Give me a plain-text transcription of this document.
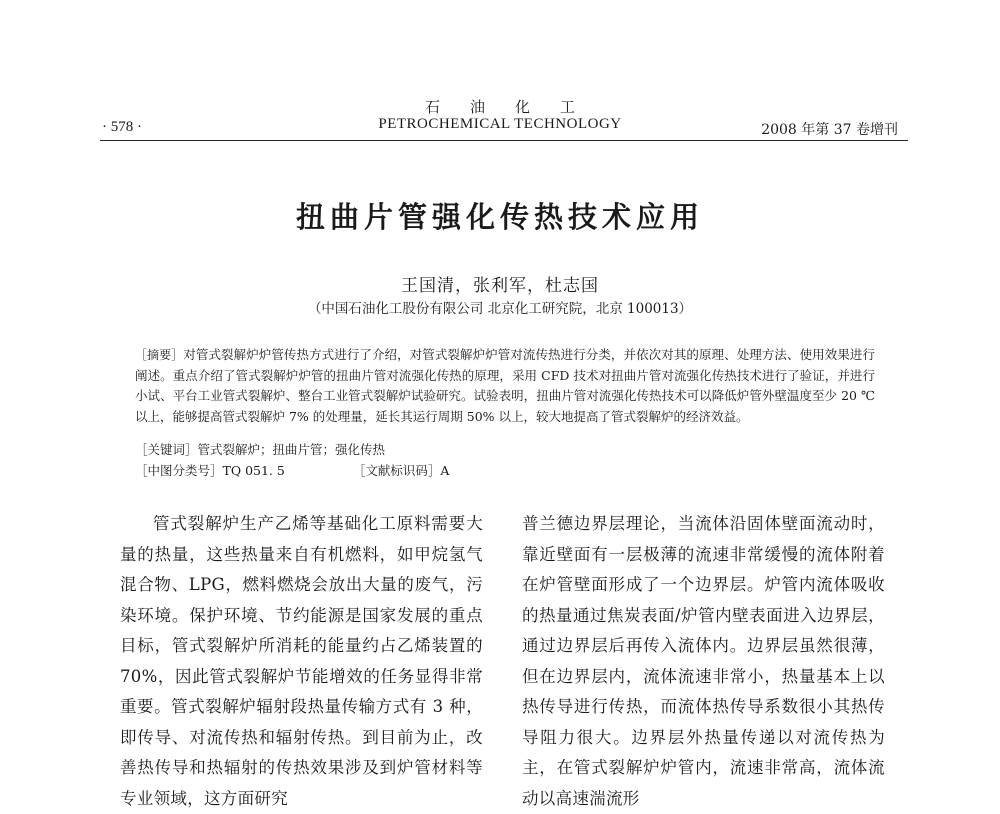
石油化工
· 578 ·	PETROCHEMICAL TECHNOLOGY	2008 年第 37 卷增刊
扭曲片管强化传热技术应用
王国清，张利军，杜志国
（中国石油化工股份有限公司 北京化工研究院，北京 100013）
［摘要］对管式裂解炉炉管传热方式进行了介绍，对管式裂解炉炉管对流传热进行分类，并依次对其的原理、处理方法、使用效果进行阐述。重点介绍了管式裂解炉炉管的扭曲片管对流强化传热的原理，采用 CFD 技术对扭曲片管对流强化传热技术进行了验证，并进行小试、平台工业管式裂解炉、整台工业管式裂解炉试验研究。试验表明，扭曲片管对流强化传热技术可以降低炉管外壁温度至少 20 ℃以上，能够提高管式裂解炉 7% 的处理量，延长其运行周期 50% 以上，较大地提高了管式裂解炉的经济效益。
［关键词］管式裂解炉；扭曲片管；强化传热
［中图分类号］TQ 051. 5	［文献标识码］A

管式裂解炉生产乙烯等基础化工原料需要大量的热量，这些热量来自有机燃料，如甲烷氢气混合物、LPG，燃料燃烧会放出大量的废气，污染环境。保护环境、节约能源是国家发展的重点目标，管式裂解炉所消耗的能量约占乙烯装置的 70%，因此管式裂解炉节能增效的任务显得非常重要。管式裂解炉辐射段热量传输方式有 3 种，即传导、对流传热和辐射传热。到目前为止，改善热传导和热辐射的传热效果涉及到炉管材料等专业领域，这方面研究

普兰德边界层理论，当流体沿固体壁面流动时，靠近壁面有一层极薄的流速非常缓慢的流体附着在炉管壁面形成了一个边界层。炉管内流体吸收的热量通过焦炭表面/炉管内壁表面进入边界层，通过边界层后再传入流体内。边界层虽然很薄，但在边界层内，流体流速非常小，热量基本上以热传导进行传热，而流体热传导系数很小其热传导阻力很大。边界层外热量传递以对流传热为主，在管式裂解炉炉管内，流速非常高，流体流动以高速湍流形
